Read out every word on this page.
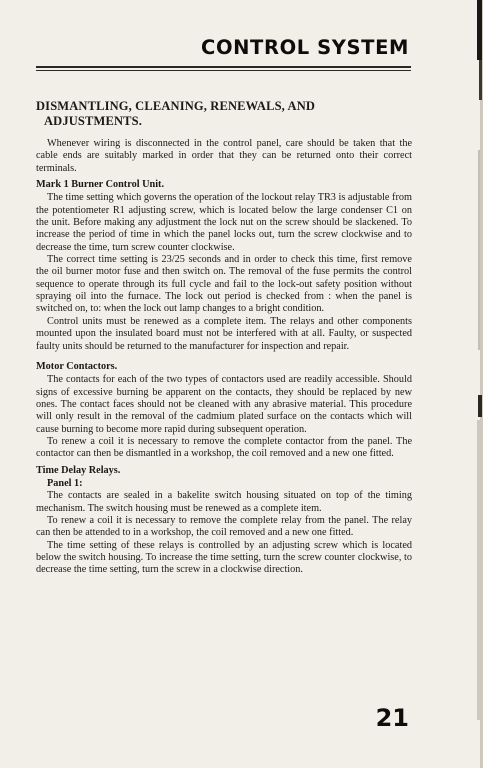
CONTROL SYSTEM
DISMANTLING, CLEANING, RENEWALS, AND
ADJUSTMENTS.

Whenever wiring is disconnected in the control panel, care should be taken that the cable ends are suitably marked in order that they can be returned onto their correct terminals.

Mark 1 Burner Control Unit.

The time setting which governs the operation of the lockout relay TR3 is adjustable from the potentiometer R1 adjusting screw, which is located below the large condenser C1 on the unit. Before making any adjustment the lock nut on the screw should be slackened. To increase the period of time in which the panel locks out, turn the screw clockwise and to decrease the time, turn screw counter clockwise.

The correct time setting is 23/25 seconds and in order to check this time, first remove the oil burner motor fuse and then switch on. The removal of the fuse permits the control sequence to operate through its full cycle and fail to the lock-out safety position without spraying oil into the furnace. The lock out period is checked from : when the panel is switched on, to: when the lock out lamp changes to a bright condition.

Control units must be renewed as a complete item. The relays and other components mounted upon the insulated board must not be interfered with at all. Faulty, or suspected faulty units should be returned to the manufacturer for inspection and repair.

Motor Contactors.

The contacts for each of the two types of contactors used are readily accessible. Should signs of excessive burning be apparent on the contacts, they should be replaced by new ones. The contact faces should not be cleaned with any abrasive material. This procedure will only result in the removal of the cadmium plated surface on the contacts which will cause burning to become more rapid during subsequent operation.

To renew a coil it is necessary to remove the complete contactor from the panel. The contactor can then be dismantled in a workshop, the coil removed and a new one fitted.

Time Delay Relays.
Panel 1:

The contacts are sealed in a bakelite switch housing situated on top of the timing mechanism. The switch housing must be renewed as a complete item.

To renew a coil it is necessary to remove the complete relay from the panel. The relay can then be attended to in a workshop, the coil removed and a new one fitted.

The time setting of these relays is controlled by an adjusting screw which is located below the switch housing. To increase the time setting, turn the screw counter clockwise, to decrease the time setting, turn the screw in a clockwise direction.

21
